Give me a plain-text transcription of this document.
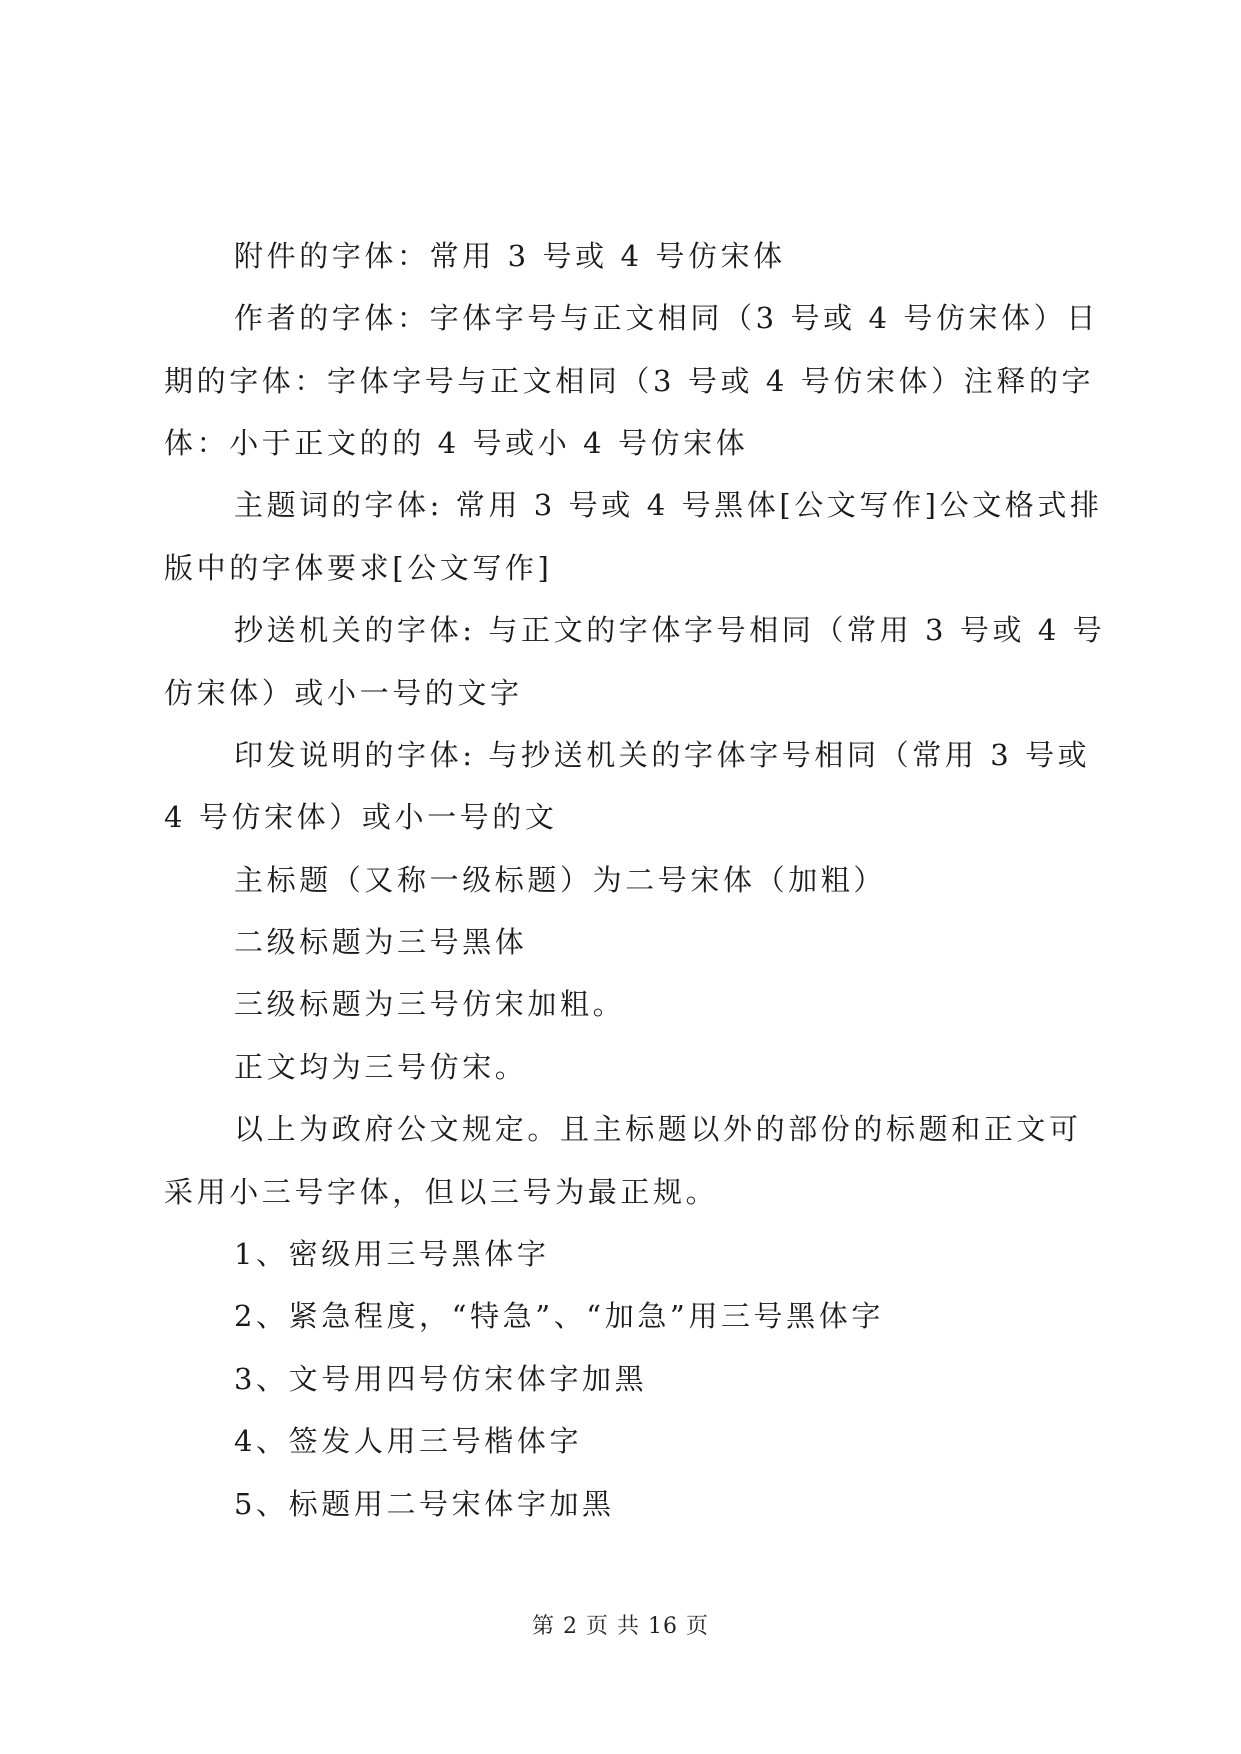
附件的字体：常用 3 号或 4 号仿宋体

作者的字体：字体字号与正文相同（3 号或 4 号仿宋体）日

期的字体：字体字号与正文相同（3 号或 4 号仿宋体）注释的字

体：小于正文的的 4 号或小 4 号仿宋体

主题词的字体: 常用 3 号或 4 号黑体[公文写作]公文格式排

版中的字体要求[公文写作]

抄送机关的字体: 与正文的字体字号相同（常用 3 号或 4 号

仿宋体）或小一号的文字

印发说明的字体: 与抄送机关的字体字号相同（常用 3 号或

4 号仿宋体）或小一号的文

主标题（又称一级标题）为二号宋体（加粗）

二级标题为三号黑体

三级标题为三号仿宋加粗。

正文均为三号仿宋。

以上为政府公文规定。且主标题以外的部份的标题和正文可

采用小三号字体，但以三号为最正规。

1、密级用三号黑体字

2、紧急程度，“特急”、“加急”用三号黑体字

3、文号用四号仿宋体字加黑

4、签发人用三号楷体字

5、标题用二号宋体字加黑

第 2 页 共 16 页
